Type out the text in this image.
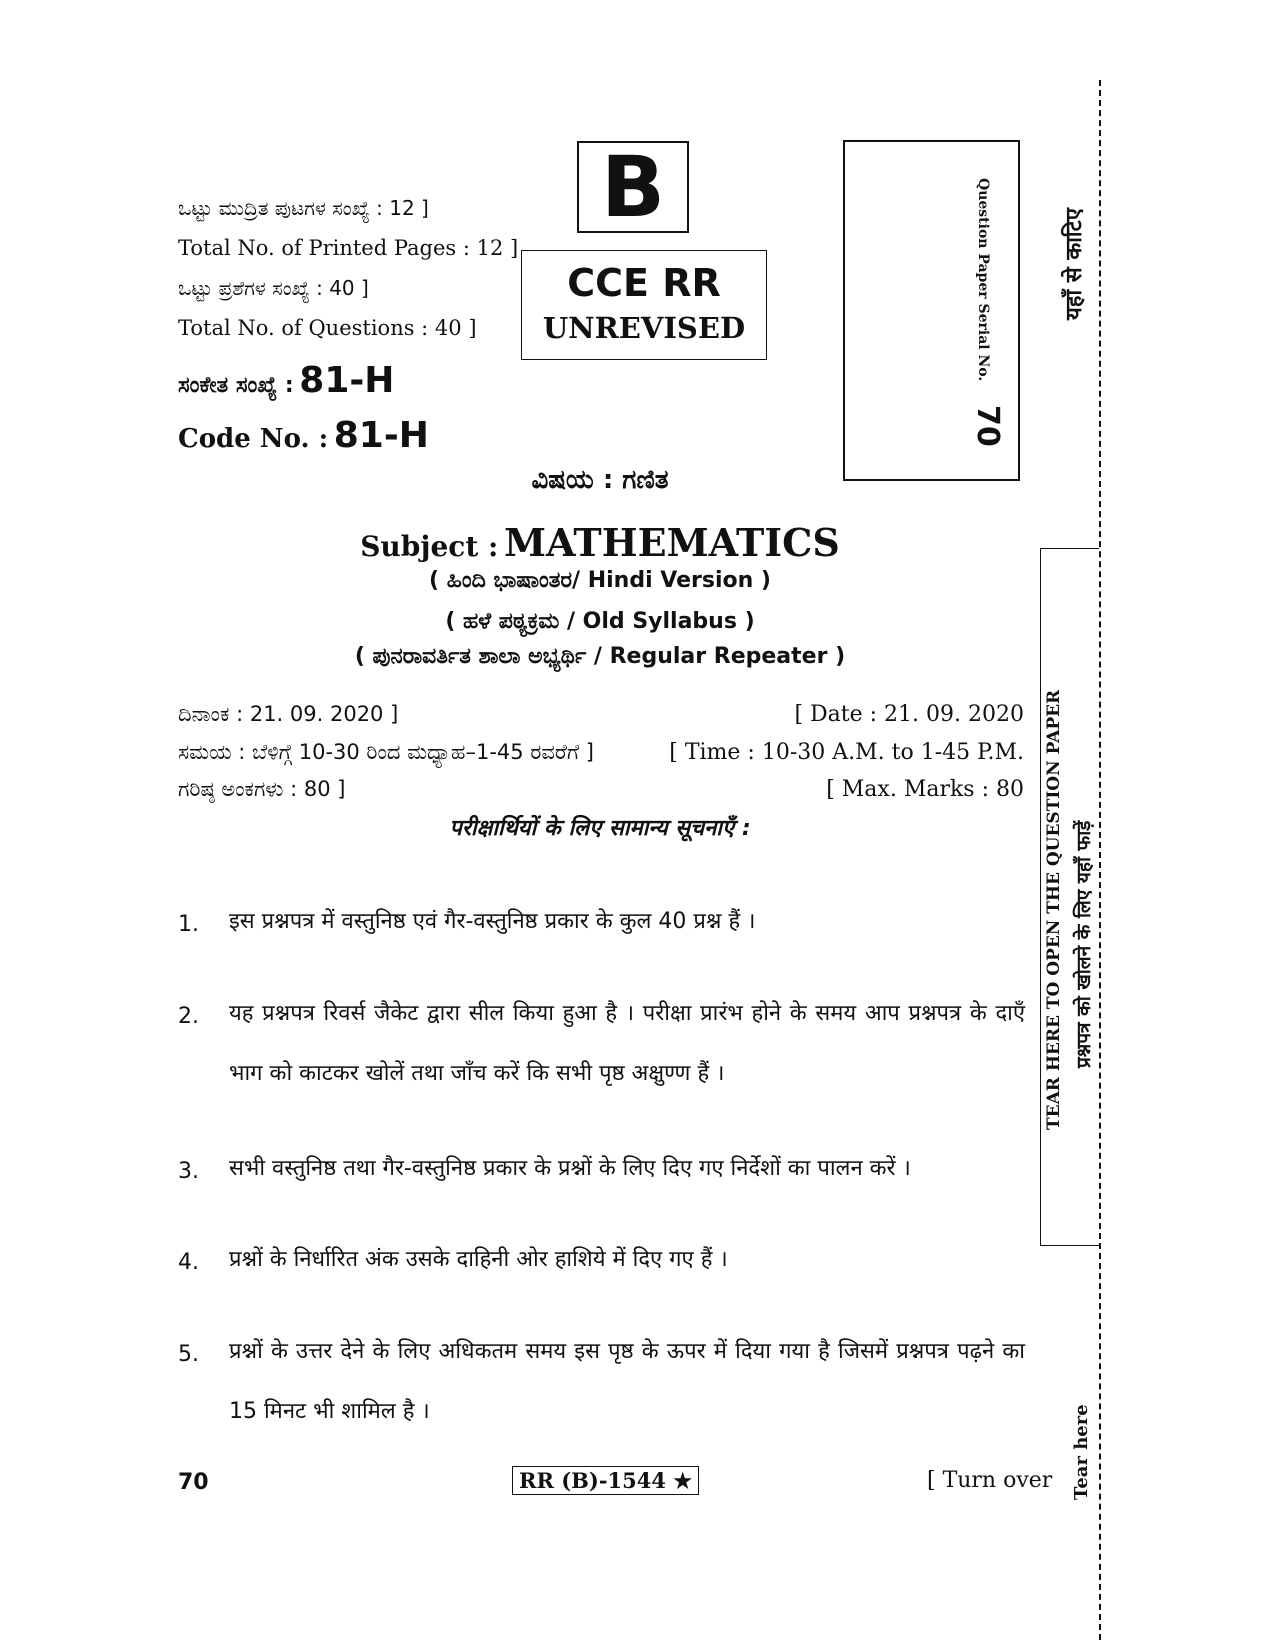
ಒಟ್ಟು ಮುದ್ರಿತ ಪುಟಗಳ ಸಂಖ್ಯೆ : 12 ]
Total No. of Printed Pages : 12 ]
ಒಟ್ಟು ಪ್ರಶೆಗಳ ಸಂಖ್ಯೆ : 40 ]
Total No. of Questions : 40 ]
ಸಂಕೇತ ಸಂಖ್ಯೆ : 81-H
Code No. : 81-H
B
CCE RR
UNREVISED	Question Paper Serial No.
70
ವಿಷಯ : ಗಣಿತ
Subject : MATHEMATICS
( ಹಿಂದಿ ಭಾಷಾಂತರ/ Hindi Version )
( ಹಳೆ ಪಠ್ಯಕ್ರಮ / Old Syllabus )
( ಪುನರಾವರ್ತಿತ ಶಾಲಾ ಅಭ್ಯರ್ಥಿ / Regular Repeater )
ದಿನಾಂಕ : 21. 09. 2020 ]	[ Date : 21. 09. 2020
ಸಮಯ : ಬೆಳಿಗ್ಗೆ 10-30 ರಿಂದ ಮಧ್ಯಾಹ–1-45 ರವರೆಗೆ ]	[ Time : 10-30 A.M. to 1-45 P.M.
ಗರಿಷ್ಠ ಅಂಕಗಳು : 80 ]	[ Max. Marks : 80
परीक्षार्थियों के लिए सामान्य सूचनाएँ :
1. इस प्रश्नपत्र में वस्तुनिष्ठ एवं गैर-वस्तुनिष्ठ प्रकार के कुल 40 प्रश्न हैं ।
2. यह प्रश्नपत्र रिवर्स जैकेट द्वारा सील किया हुआ है । परीक्षा प्रारंभ होने के समय आप प्रश्नपत्र के दाएँ भाग को काटकर खोलें तथा जाँच करें कि सभी पृष्ठ अक्षुण्ण हैं ।
3. सभी वस्तुनिष्ठ तथा गैर-वस्तुनिष्ठ प्रकार के प्रश्नों के लिए दिए गए निर्देशों का पालन करें ।
4. प्रश्नों के निर्धारित अंक उसके दाहिनी ओर हाशिये में दिए गए हैं ।
5. प्रश्नों के उत्तर देने के लिए अधिकतम समय इस पृष्ठ के ऊपर में दिया गया है जिसमें प्रश्नपत्र पढ़ने का 15 मिनट भी शामिल है ।
70	RR (B)-1544 ★	[ Turn over
यहाँ से काटिए
TEAR HERE TO OPEN THE QUESTION PAPER प्रश्नपत्र को खोलने के लिए यहाँ फाड़ें
Tear here
